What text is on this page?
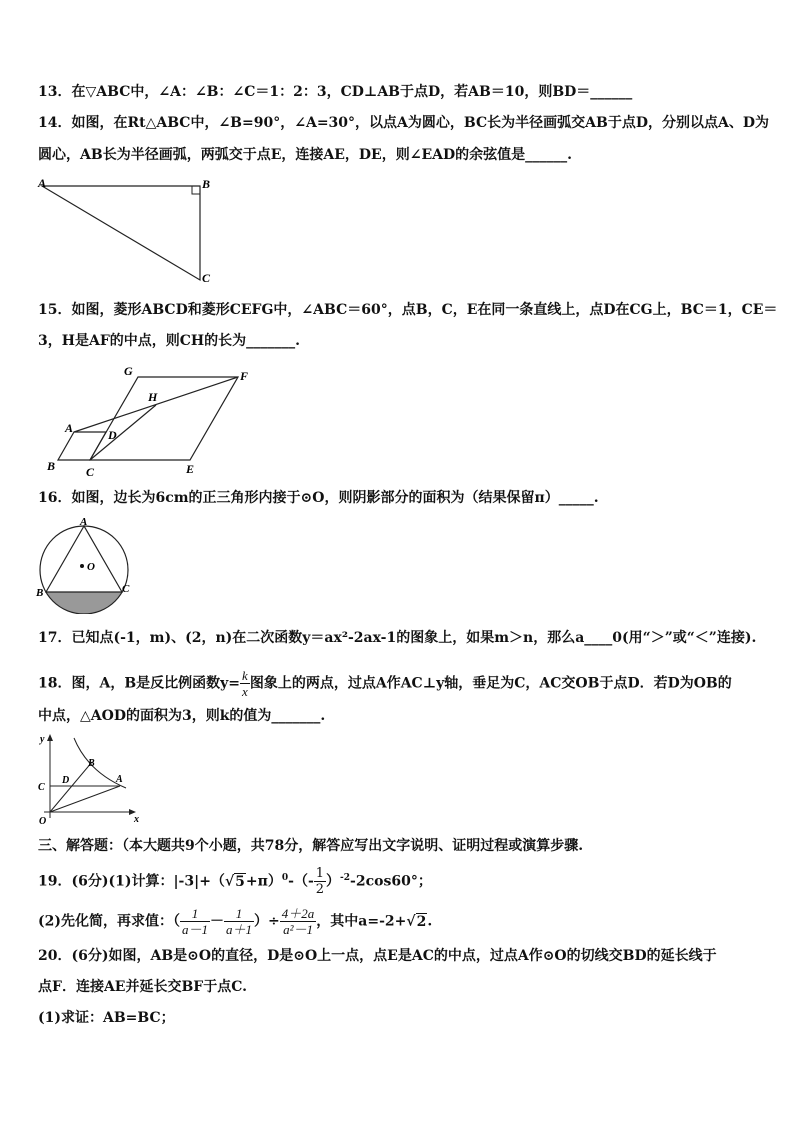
13．在▽ABC中，∠A：∠B：∠C＝1：2：3，CD⊥AB于点D，若AB＝10，则BD＝______
14．如图，在Rt△ABC中，∠B=90°，∠A=30°，以点A为圆心，BC长为半径画弧交AB于点D，分别以点A、D为
圆心，AB长为半径画弧，两弧交于点E，连接AE，DE，则∠EAD的余弦值是______.
A	B
C
15．如图，菱形ABCD和菱形CEFG中，∠ABC＝60°，点B，C，E在同一条直线上，点D在CG上，BC＝1，CE＝
3，H是AF的中点，则CH的长为_______.
G	F
H
A	D
B	C	E
16．如图，边长为6cm的正三角形内接于⊙O，则阴影部分的面积为（结果保留π）_____.
A
O
B	C
17．已知点(-1，m)、(2，n)在二次函数y＝ax²-2ax-1的图象上，如果m＞n，那么a____0(用“＞”或“＜”连接).
18．图，A，B是反比例函数$y= \frac{k}{x}$ 图象上的两点，过点A作AC⊥y轴，垂足为C，AC交OB于点D．若D为OB的
中点，△AOD的面积为3，则k的值为_______.
y
x
O
C
D	A
B
三、解答题：（本大题共9个小题，共78分，解答应写出文字说明、证明过程或演算步骤.
19．(6分)(1)计算：$|-3|+(√5+\pi)^0-(- \frac{1}{2} )^{-2}-2\cos 60^\circ$；
(2)先化简，再求值：（ $\frac{1}{a-1} - \frac{1}{a+1}$ ）÷ $\frac{4+2a}{\text{a²－1}}$ ，其中a=-2+√2.
20．(6分)如图，AB是⊙O的直径，D是⊙O上一点，点E是AC的中点，过点A作⊙O的切线交BD的延长线于
点F．连接AE并延长交BF于点C.
(1)求证：AB=BC；
